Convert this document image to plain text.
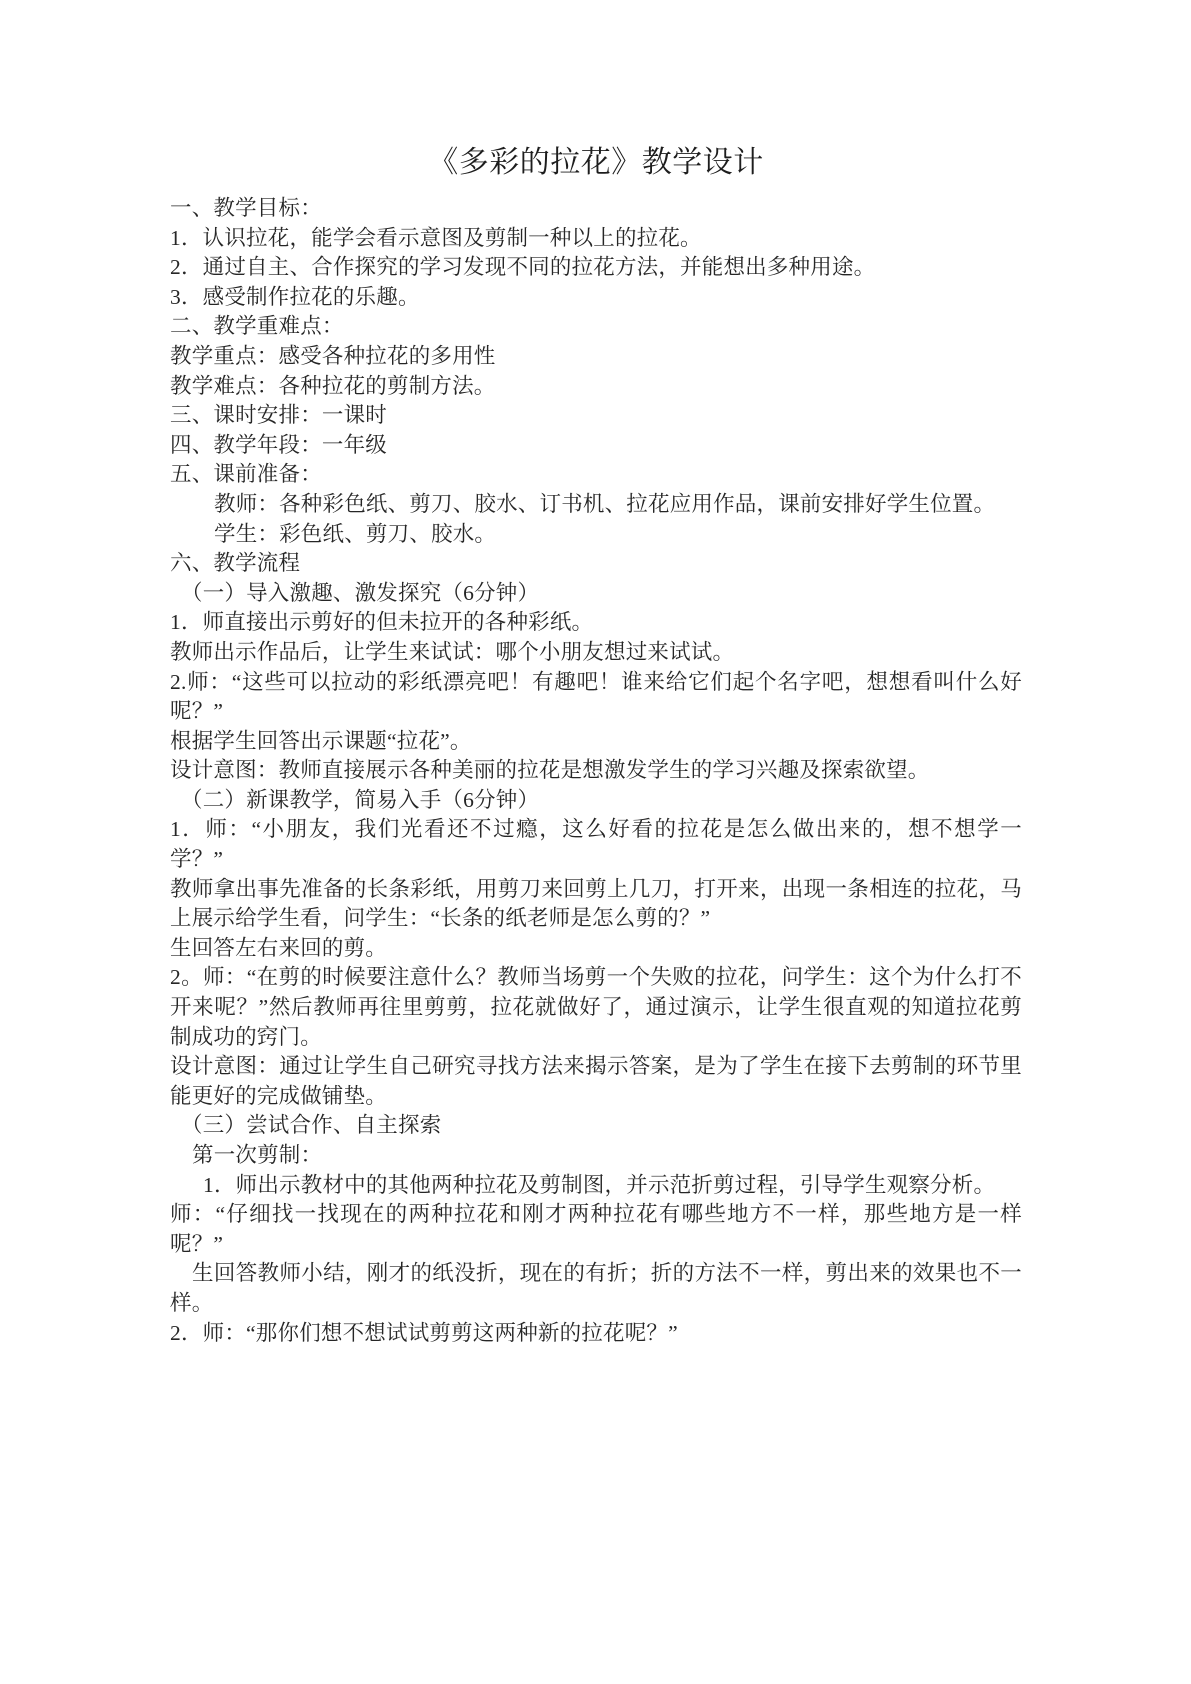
《多彩的拉花》教学设计

一、教学目标：

1．认识拉花，能学会看示意图及剪制一种以上的拉花。

2．通过自主、合作探究的学习发现不同的拉花方法，并能想出多种用途。

3．感受制作拉花的乐趣。

二、教学重难点：

教学重点：感受各种拉花的多用性

教学难点：各种拉花的剪制方法。

三、课时安排：一课时

四、教学年段：一年级

五、课前准备：

教师：各种彩色纸、剪刀、胶水、订书机、拉花应用作品，课前安排好学生位置。

学生：彩色纸、剪刀、胶水。

六、教学流程

（一）导入激趣、激发探究（6分钟）

1．师直接出示剪好的但未拉开的各种彩纸。

教师出示作品后，让学生来试试：哪个小朋友想过来试试。

2.师：“这些可以拉动的彩纸漂亮吧！有趣吧！谁来给它们起个名字吧，想想看叫什么好呢？”

根据学生回答出示课题“拉花”。

设计意图：教师直接展示各种美丽的拉花是想激发学生的学习兴趣及探索欲望。

（二）新课教学，简易入手（6分钟）

1．师：“小朋友，我们光看还不过瘾，这么好看的拉花是怎么做出来的，想不想学一学？”

教师拿出事先准备的长条彩纸，用剪刀来回剪上几刀，打开来，出现一条相连的拉花，马上展示给学生看，问学生：“长条的纸老师是怎么剪的？”

生回答左右来回的剪。

2。师：“在剪的时候要注意什么？教师当场剪一个失败的拉花，问学生：这个为什么打不开来呢？”然后教师再往里剪剪，拉花就做好了，通过演示，让学生很直观的知道拉花剪制成功的窍门。

设计意图：通过让学生自己研究寻找方法来揭示答案，是为了学生在接下去剪制的环节里能更好的完成做铺垫。

（三）尝试合作、自主探索

第一次剪制：

1．师出示教材中的其他两种拉花及剪制图，并示范折剪过程，引导学生观察分析。

师：“仔细找一找现在的两种拉花和刚才两种拉花有哪些地方不一样，那些地方是一样呢？”

生回答教师小结，刚才的纸没折，现在的有折；折的方法不一样，剪出来的效果也不一样。

2．师：“那你们想不想试试剪剪这两种新的拉花呢？”
